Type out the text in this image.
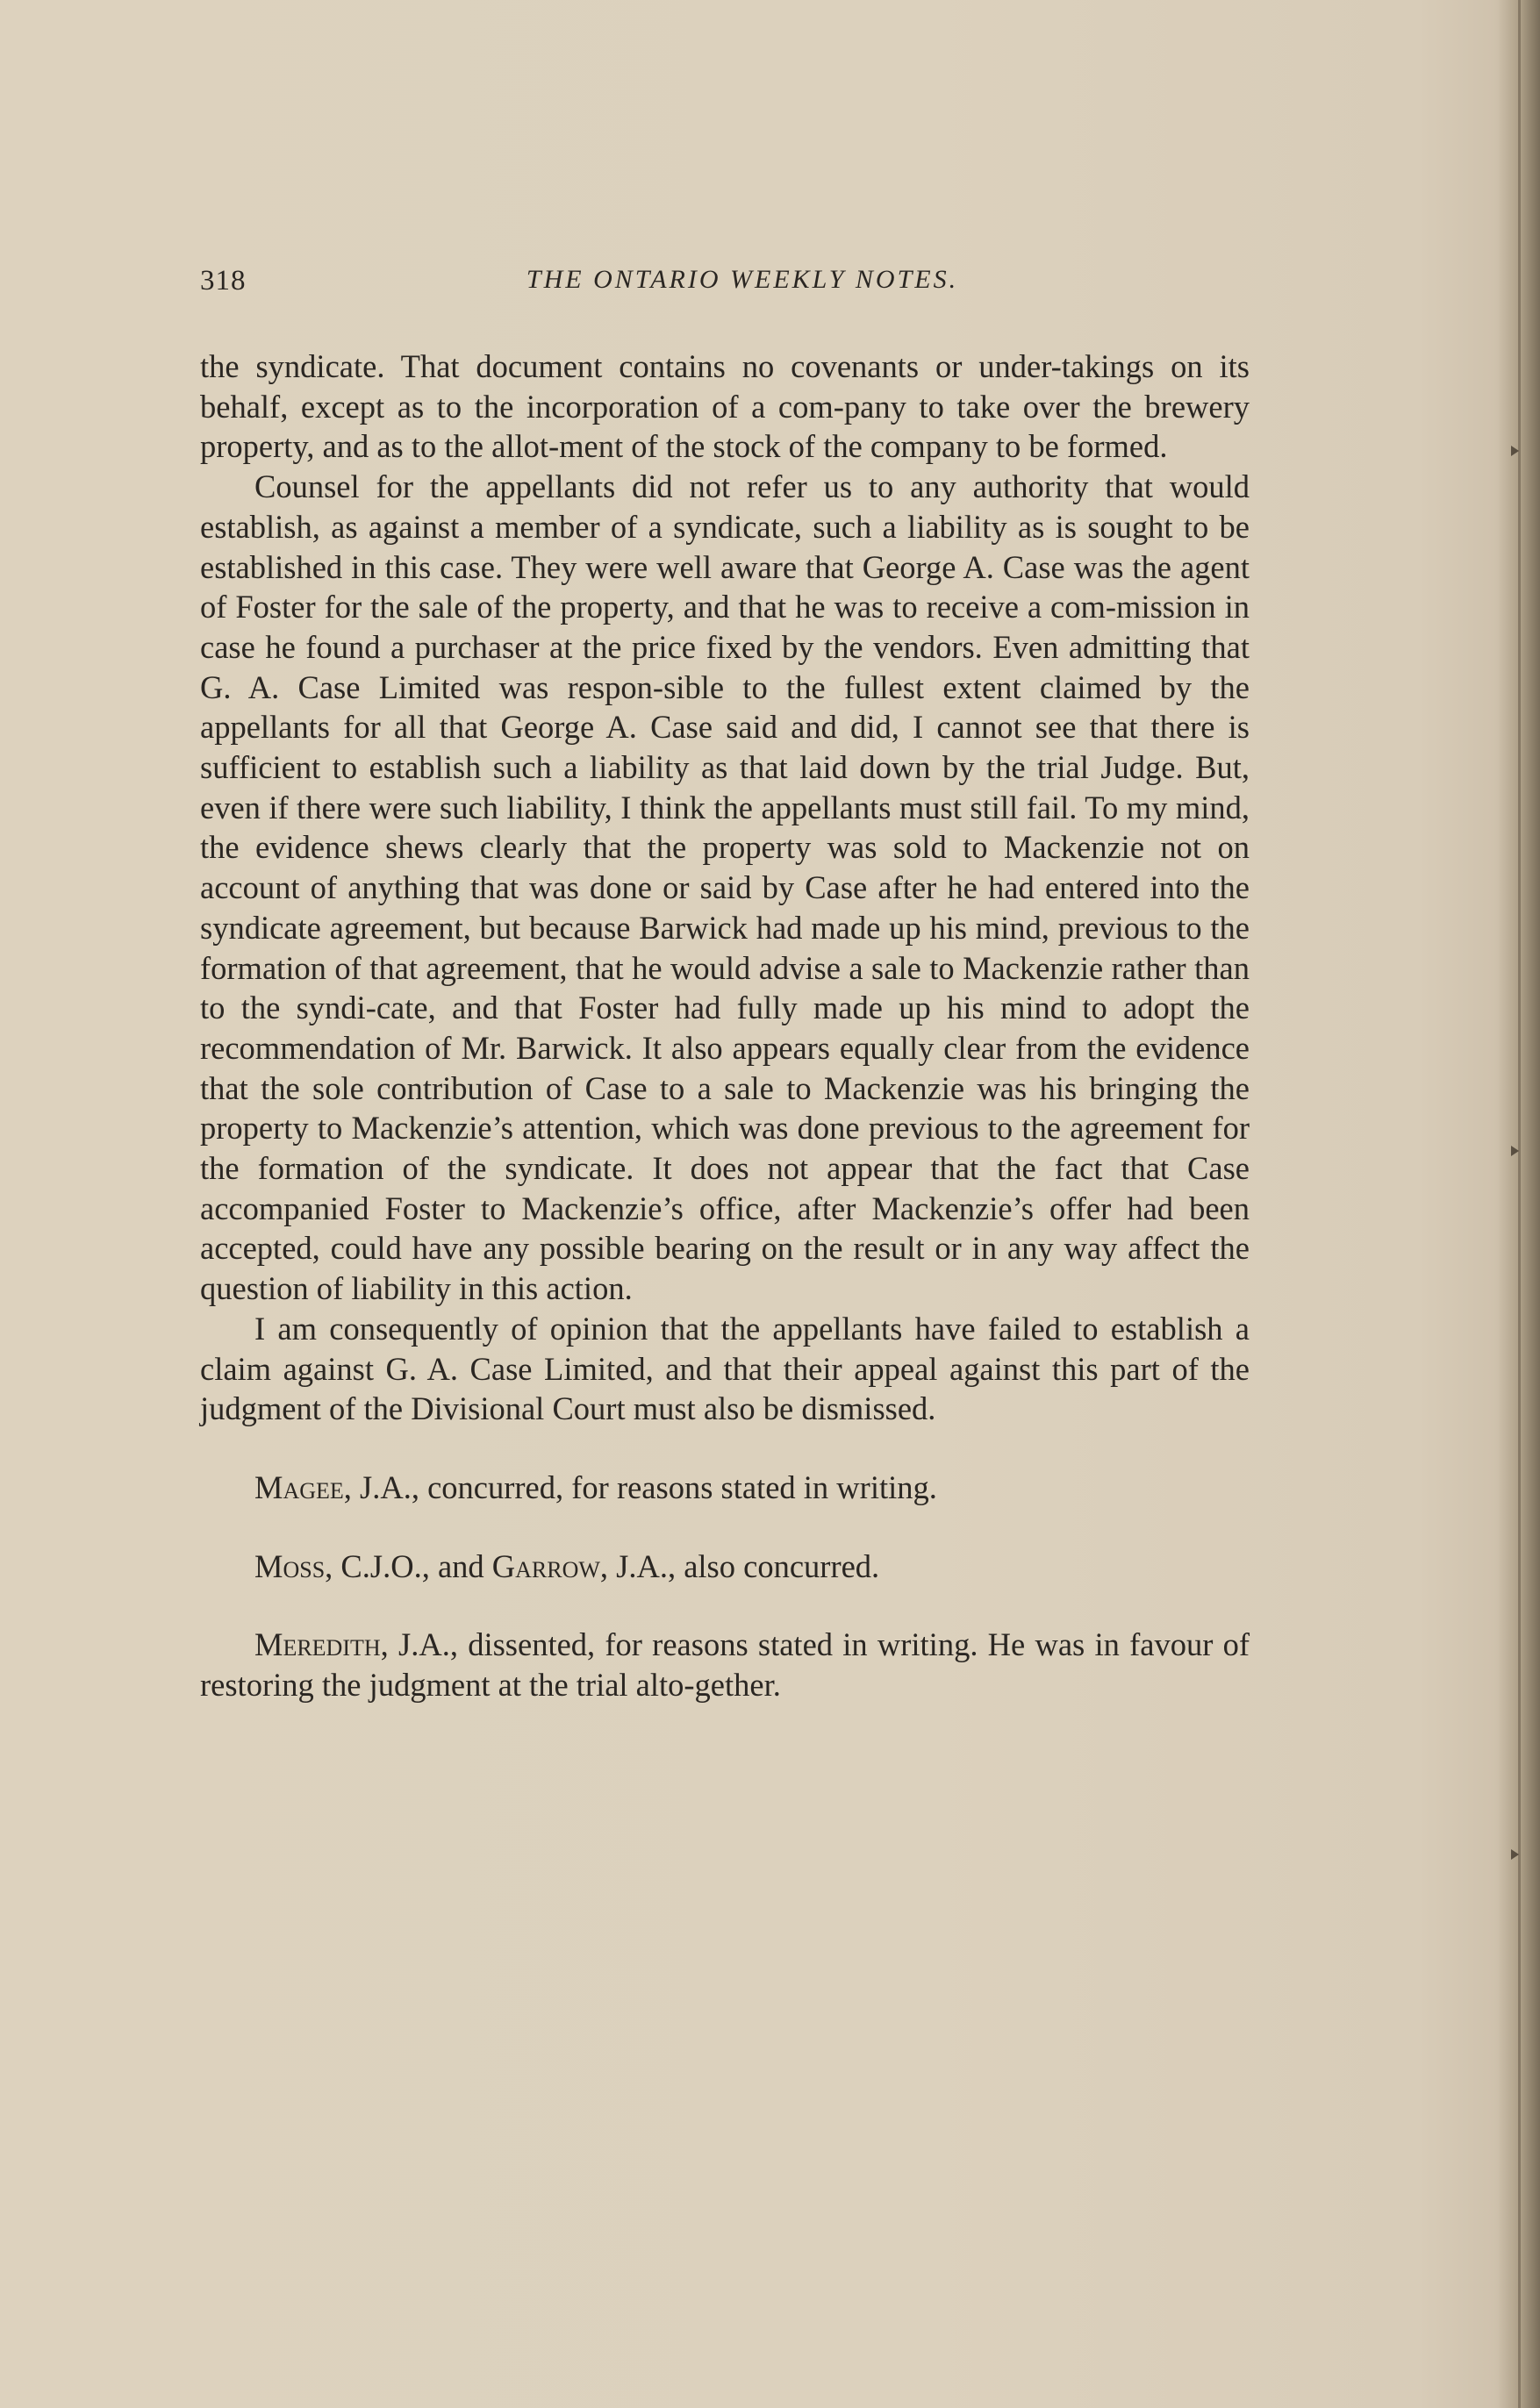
318	THE ONTARIO WEEKLY NOTES.

the syndicate. That document contains no covenants or under-takings on its behalf, except as to the incorporation of a com-pany to take over the brewery property, and as to the allot-ment of the stock of the company to be formed.

Counsel for the appellants did not refer us to any authority that would establish, as against a member of a syndicate, such a liability as is sought to be established in this case. They were well aware that George A. Case was the agent of Foster for the sale of the property, and that he was to receive a com-mission in case he found a purchaser at the price fixed by the vendors. Even admitting that G. A. Case Limited was respon-sible to the fullest extent claimed by the appellants for all that George A. Case said and did, I cannot see that there is sufficient to establish such a liability as that laid down by the trial Judge. But, even if there were such liability, I think the appellants must still fail. To my mind, the evidence shews clearly that the property was sold to Mackenzie not on account of anything that was done or said by Case after he had entered into the syndicate agreement, but because Barwick had made up his mind, previous to the formation of that agreement, that he would advise a sale to Mackenzie rather than to the syndi-cate, and that Foster had fully made up his mind to adopt the recommendation of Mr. Barwick. It also appears equally clear from the evidence that the sole contribution of Case to a sale to Mackenzie was his bringing the property to Mackenzie’s attention, which was done previous to the agreement for the formation of the syndicate. It does not appear that the fact that Case accompanied Foster to Mackenzie’s office, after Mackenzie’s offer had been accepted, could have any possible bearing on the result or in any way affect the question of liability in this action.

I am consequently of opinion that the appellants have failed to establish a claim against G. A. Case Limited, and that their appeal against this part of the judgment of the Divisional Court must also be dismissed.

Magee, J.A., concurred, for reasons stated in writing.

Moss, C.J.O., and Garrow, J.A., also concurred.

Meredith, J.A., dissented, for reasons stated in writing. He was in favour of restoring the judgment at the trial alto-gether.
